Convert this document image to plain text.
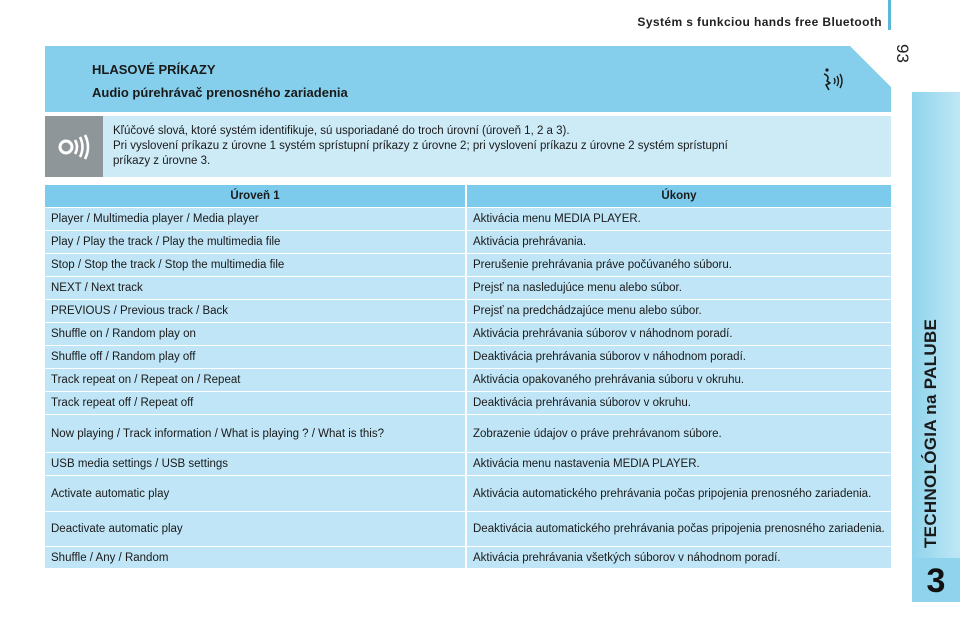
Systém s funkciou hands free Bluetooth
93
TECHNOLÓGIA na PALUBE
3
HLASOVÉ PRÍKAZY
Audio púrehrávač prenosného zariadenia
Kľúčové slová, ktoré systém identifikuje, sú usporiadané do troch úrovní (úroveň 1, 2 a 3).
Pri vyslovení príkazu z úrovne 1 systém sprístupní príkazy z úrovne 2; pri vyslovení príkazu z úrovne 2 systém sprístupní
príkazy z úrovne 3.
Úroveň 1	Úkony
Player / Multimedia player / Media player	Aktivácia menu MEDIA PLAYER.
Play / Play the track / Play the multimedia file	Aktivácia prehrávania.
Stop / Stop the track / Stop the multimedia file	Prerušenie prehrávania práve počúvaného súboru.
NEXT / Next track	Prejsť na nasledujúce menu alebo súbor.
PREVIOUS / Previous track / Back	Prejsť na predchádzajúce menu alebo súbor.
Shuffle on / Random play on	Aktivácia prehrávania súborov v náhodnom poradí.
Shuffle off / Random play off	Deaktivácia prehrávania súborov v náhodnom poradí.
Track repeat on / Repeat on / Repeat	Aktivácia opakovaného prehrávania súboru v okruhu.
Track repeat off / Repeat off	Deaktivácia prehrávania súborov v okruhu.
Now playing / Track information / What is playing ? / What is this?	Zobrazenie údajov o práve prehrávanom súbore.
USB media settings / USB settings	Aktivácia menu nastavenia MEDIA PLAYER.
Activate automatic play	Aktivácia automatického prehrávania počas pripojenia prenosného zariadenia.
Deactivate automatic play	Deaktivácia automatického prehrávania počas pripojenia prenosného zariadenia.
Shuffle / Any / Random	Aktivácia prehrávania všetkých súborov v náhodnom poradí.
